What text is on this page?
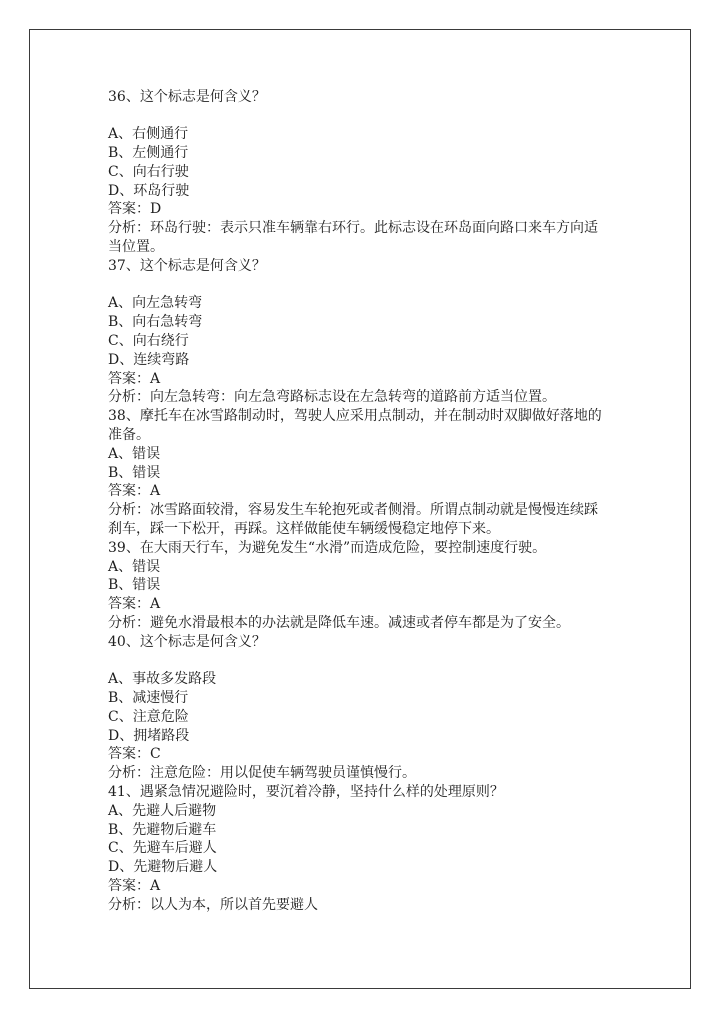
36、这个标志是何含义？
A、右侧通行
B、左侧通行
C、向右行驶
D、环岛行驶
答案：D
分析：环岛行驶：表示只准车辆靠右环行。此标志设在环岛面向路口来车方向适
当位置。
37、这个标志是何含义？
A、向左急转弯
B、向右急转弯
C、向右绕行
D、连续弯路
答案：A
分析：向左急转弯：向左急弯路标志设在左急转弯的道路前方适当位置。
38、摩托车在冰雪路制动时，驾驶人应采用点制动，并在制动时双脚做好落地的
准备。
A、错误
B、错误
答案：A
分析：冰雪路面较滑，容易发生车轮抱死或者侧滑。所谓点制动就是慢慢连续踩
刹车，踩一下松开，再踩。这样做能使车辆缓慢稳定地停下来。
39、在大雨天行车，为避免发生“水滑”而造成危险，要控制速度行驶。
A、错误
B、错误
答案：A
分析：避免水滑最根本的办法就是降低车速。减速或者停车都是为了安全。
40、这个标志是何含义？
A、事故多发路段
B、减速慢行
C、注意危险
D、拥堵路段
答案：C
分析：注意危险：用以促使车辆驾驶员谨慎慢行。
41、遇紧急情况避险时，要沉着冷静，坚持什么样的处理原则？
A、先避人后避物
B、先避物后避车
C、先避车后避人
D、先避物后避人
答案：A
分析：以人为本，所以首先要避人
